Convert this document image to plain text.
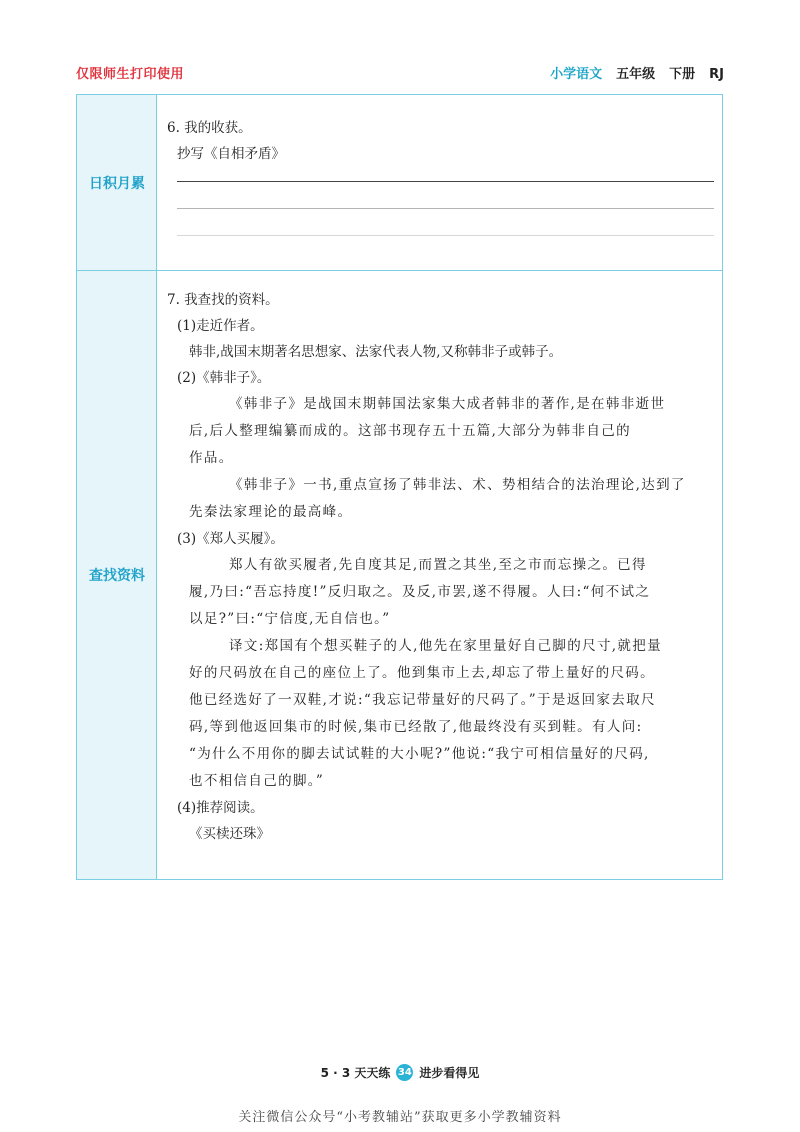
仅限师生打印使用	小学语文 五年级 下册 RJ
日积月累
查找资料

6. 我的收获。

抄写《自相矛盾》

7. 我查找的资料。

(1)走近作者。
韩非,战国末期著名思想家、法家代表人物,又称韩非子或韩子。
(2)《韩非子》。
《韩非子》是战国末期韩国法家集大成者韩非的著作,是在韩非逝世
后,后人整理编纂而成的。这部书现存五十五篇,大部分为韩非自己的
作品。
《韩非子》一书,重点宣扬了韩非法、术、势相结合的法治理论,达到了
先秦法家理论的最高峰。
(3)《郑人买履》。
郑人有欲买履者,先自度其足,而置之其坐,至之市而忘操之。已得
履,乃曰:“吾忘持度!”反归取之。及反,市罢,遂不得履。人曰:“何不试之
以足?”曰:“宁信度,无自信也。”
译文:郑国有个想买鞋子的人,他先在家里量好自己脚的尺寸,就把量
好的尺码放在自己的座位上了。他到集市上去,却忘了带上量好的尺码。
他已经选好了一双鞋,才说:“我忘记带量好的尺码了。”于是返回家去取尺
码,等到他返回集市的时候,集市已经散了,他最终没有买到鞋。有人问:
“为什么不用你的脚去试试鞋的大小呢?”他说:“我宁可相信量好的尺码,
也不相信自己的脚。”
(4)推荐阅读。
《买椟还珠》
5 · 3 天天练 34 进步看得见
关注微信公众号“小考教辅站”获取更多小学教辅资料
